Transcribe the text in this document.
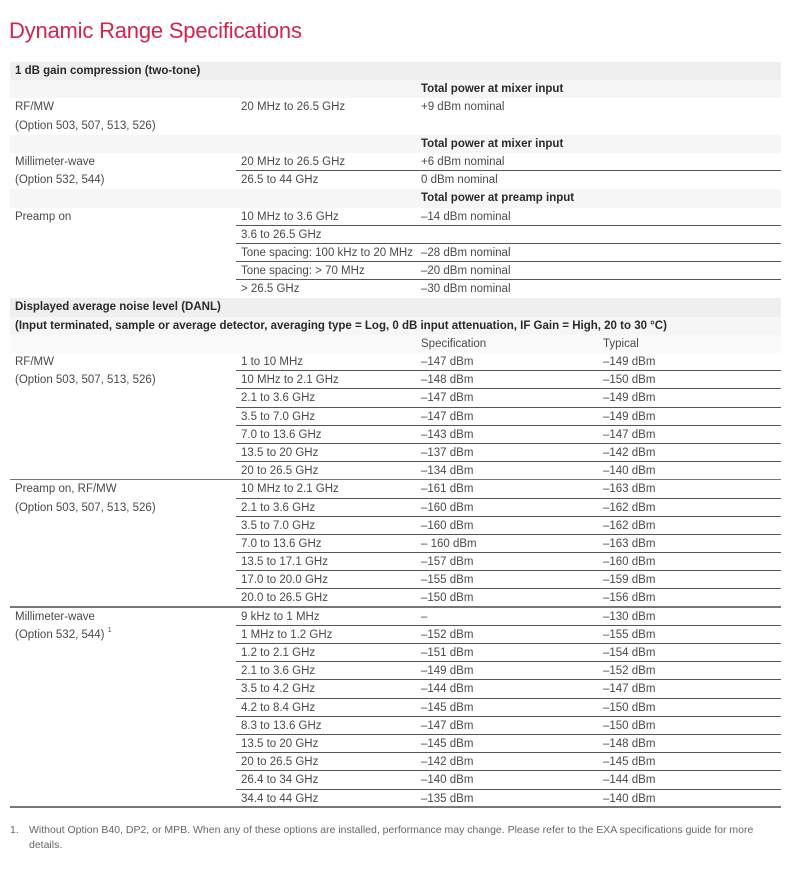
Dynamic Range Specifications
1 dB gain compression (two-tone)
Total power at mixer input
RF/MW	20 MHz to 26.5 GHz	+9 dBm nominal
(Option 503, 507, 513, 526)
Total power at mixer input
Millimeter-wave	20 MHz to 26.5 GHz	+6 dBm nominal
(Option 532, 544)	26.5 to 44 GHz	0 dBm nominal
Total power at preamp input
Preamp on	10 MHz to 3.6 GHz	–14 dBm nominal
3.6 to 26.5 GHz
Tone spacing: 100 kHz to 20 MHz –28 dBm nominal
Tone spacing: > 70 MHz	–20 dBm nominal
> 26.5 GHz	–30 dBm nominal
Displayed average noise level (DANL)
(Input terminated, sample or average detector, averaging type = Log, 0 dB input attenuation, IF Gain = High, 20 to 30 °C)
Specification	Typical
RF/MW	1 to 10 MHz	–147 dBm	–149 dBm
(Option 503, 507, 513, 526)	10 MHz to 2.1 GHz	–148 dBm	–150 dBm
2.1 to 3.6 GHz	–147 dBm	–149 dBm
3.5 to 7.0 GHz	–147 dBm	–149 dBm
7.0 to 13.6 GHz	–143 dBm	–147 dBm
13.5 to 20 GHz	–137 dBm	–142 dBm
20 to 26.5 GHz	–134 dBm	–140 dBm
Preamp on, RF/MW	10 MHz to 2.1 GHz	–161 dBm	–163 dBm
(Option 503, 507, 513, 526)	2.1 to 3.6 GHz	–160 dBm	–162 dBm
3.5 to 7.0 GHz	–160 dBm	–162 dBm
7.0 to 13.6 GHz	– 160 dBm	–163 dBm
13.5 to 17.1 GHz	–157 dBm	–160 dBm
17.0 to 20.0 GHz	–155 dBm	–159 dBm
20.0 to 26.5 GHz	–150 dBm	–156 dBm
Millimeter-wave	9 kHz to 1 MHz	–	–130 dBm
(Option 532, 544) $^1$	1 MHz to 1.2 GHz	–152 dBm	–155 dBm
1.2 to 2.1 GHz	–151 dBm	–154 dBm
2.1 to 3.6 GHz	–149 dBm	–152 dBm
3.5 to 4.2 GHz	–144 dBm	–147 dBm
4.2 to 8.4 GHz	–145 dBm	–150 dBm
8.3 to 13.6 GHz	–147 dBm	–150 dBm
13.5 to 20 GHz	–145 dBm	–148 dBm
20 to 26.5 GHz	–142 dBm	–145 dBm
26.4 to 34 GHz	–140 dBm	–144 dBm
34.4 to 44 GHz	–135 dBm	–140 dBm
1. Without Option B40, DP2, or MPB. When any of these options are installed, performance may change. Please refer to the EXA specifications guide for more details.
